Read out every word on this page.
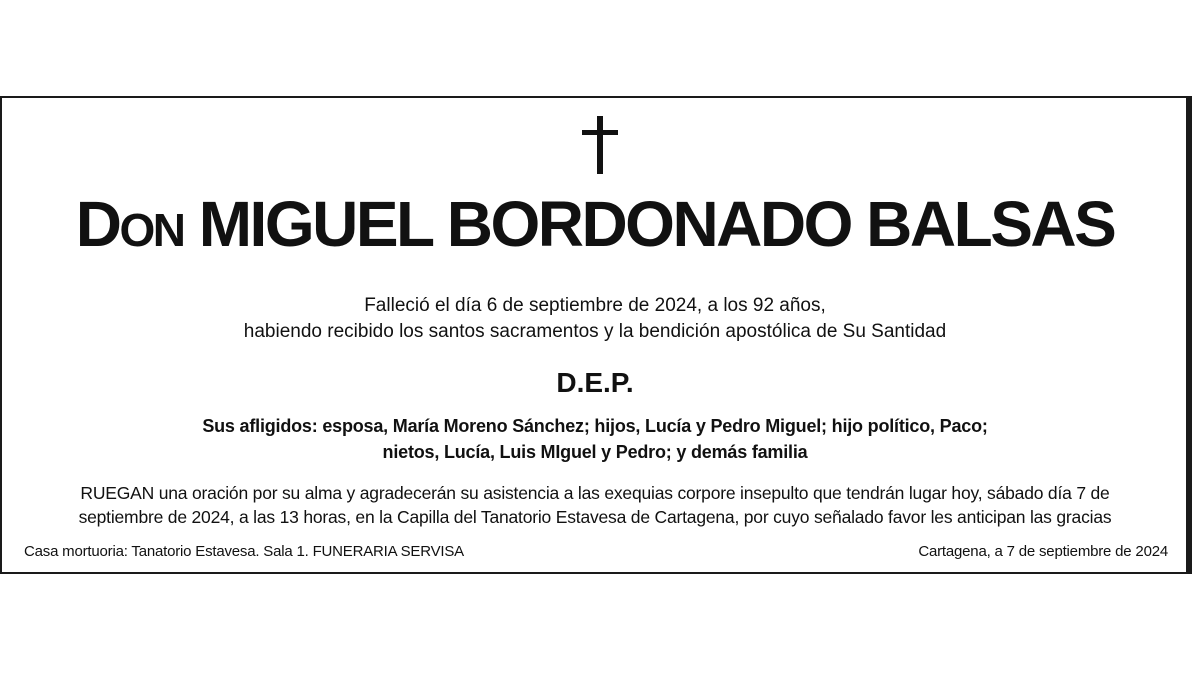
DON MIGUEL BORDONADO BALSAS
Falleció el día 6 de septiembre de 2024, a los 92 años,
habiendo recibido los santos sacramentos y la bendición apostólica de Su Santidad
D.E.P.
Sus afligidos: esposa, María Moreno Sánchez; hijos, Lucía y Pedro Miguel; hijo político, Paco;
nietos, Lucía, Luis MIguel y Pedro; y demás familia
RUEGAN una oración por su alma y agradecerán su asistencia a las exequias corpore insepulto que tendrán lugar hoy, sábado día 7 de
septiembre de 2024, a las 13 horas, en la Capilla del Tanatorio Estavesa de Cartagena, por cuyo señalado favor les anticipan las gracias
Casa mortuoria: Tanatorio Estavesa. Sala 1. FUNERARIA SERVISA	Cartagena, a 7 de septiembre de 2024
